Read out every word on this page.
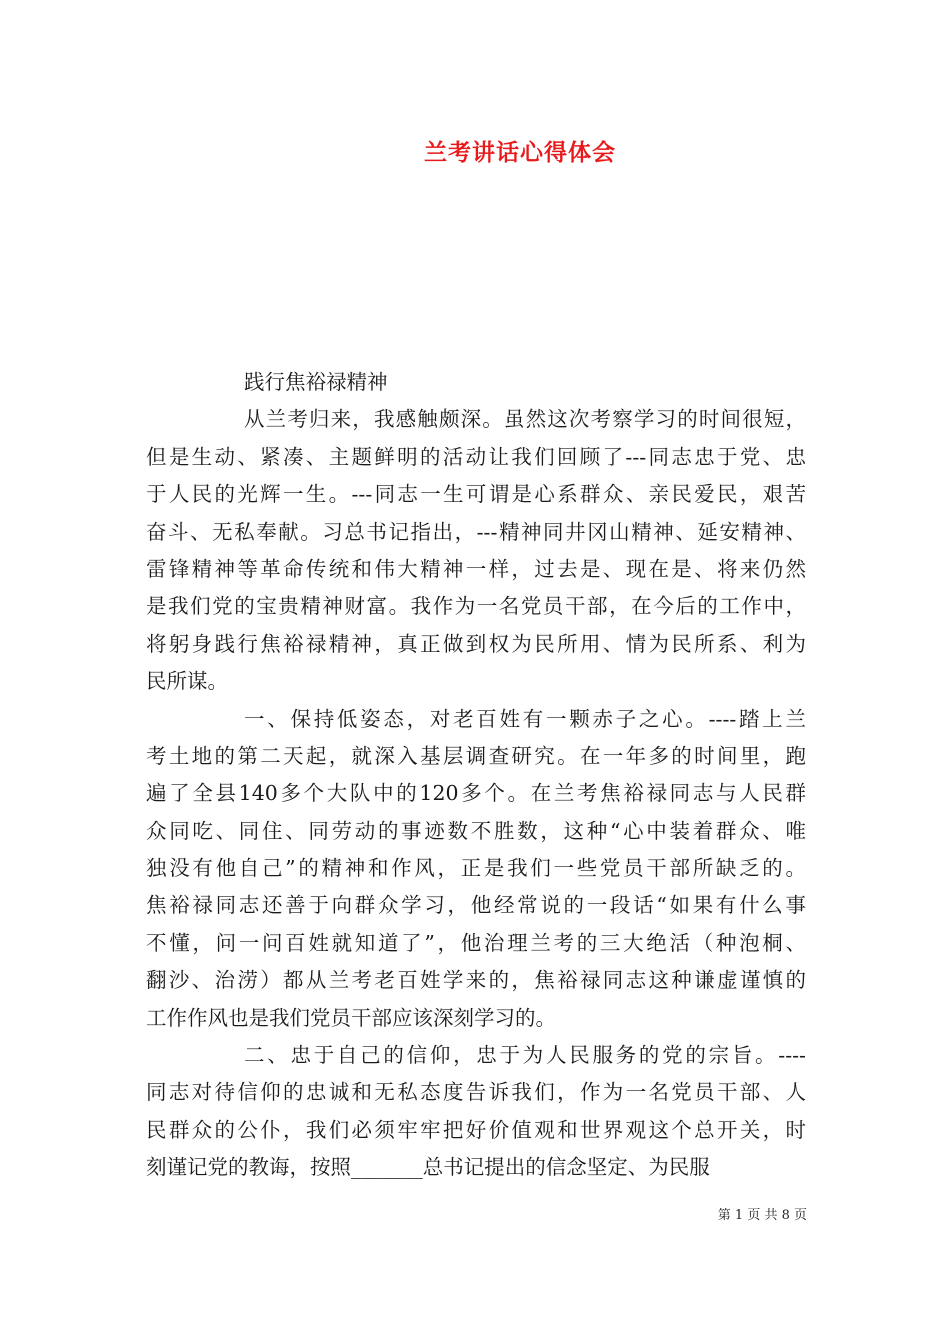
兰考讲话心得体会
践行焦裕禄精神
从兰考归来，我感触颇深。虽然这次考察学习的时间很短，
但是生动、紧凑、主题鲜明的活动让我们回顾了---同志忠于党、忠
于人民的光辉一生。---同志一生可谓是心系群众、亲民爱民，艰苦
奋斗、无私奉献。习总书记指出，---精神同井冈山精神、延安精神、
雷锋精神等革命传统和伟大精神一样，过去是、现在是、将来仍然
是我们党的宝贵精神财富。我作为一名党员干部，在今后的工作中，
将躬身践行焦裕禄精神，真正做到权为民所用、情为民所系、利为
民所谋。
一、保持低姿态，对老百姓有一颗赤子之心。----踏上兰
考土地的第二天起，就深入基层调查研究。在一年多的时间里，跑
遍了全县140多个大队中的120多个。在兰考焦裕禄同志与人民群
众同吃、同住、同劳动的事迹数不胜数，这种“心中装着群众、唯
独没有他自己”的精神和作风，正是我们一些党员干部所缺乏的。
焦裕禄同志还善于向群众学习，他经常说的一段话“如果有什么事
不懂，问一问百姓就知道了”，他治理兰考的三大绝活（种泡桐、
翻沙、治涝）都从兰考老百姓学来的，焦裕禄同志这种谦虚谨慎的
工作作风也是我们党员干部应该深刻学习的。
二、忠于自己的信仰，忠于为人民服务的党的宗旨。----
同志对待信仰的忠诚和无私态度告诉我们，作为一名党员干部、人
民群众的公仆，我们必须牢牢把好价值观和世界观这个总开关，时
刻谨记党的教诲，按照_______总书记提出的信念坚定、为民服
第 1 页 共 8 页
